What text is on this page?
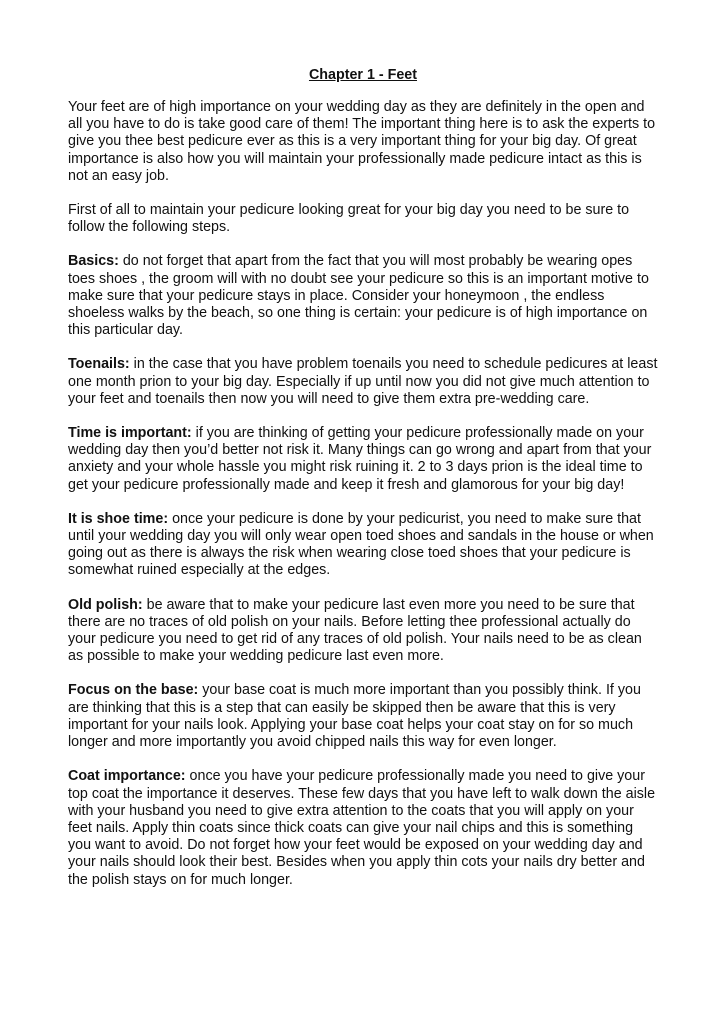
Chapter 1 - Feet

Your feet are of high importance on your wedding day as they are definitely in the open and all you have to do is take good care of them! The important thing here is to ask the experts to give you thee best pedicure ever as this is a very important thing for your big day. Of great importance is also how you will maintain your professionally made pedicure intact as this is not an easy job.

First of all to maintain your pedicure looking great for your big day you need to be sure to follow the following steps.

Basics: do not forget that apart from the fact that you will most probably be wearing opes toes shoes , the groom will with no doubt see your pedicure so this is an important motive to make sure that your pedicure stays in place. Consider your honeymoon , the endless shoeless walks by the beach, so one thing is certain: your pedicure is of high importance on this particular day.

Toenails: in the case that you have problem toenails you need to schedule pedicures at least one month prion to your big day. Especially if up until now you did not give much attention to your feet and toenails then now you will need to give them extra pre-wedding care.

Time is important: if you are thinking of getting your pedicure professionally made on your wedding day then you’d better not risk it. Many things can go wrong and apart from that your anxiety and your whole hassle you might risk ruining it. 2 to 3 days prion is the ideal time to get your pedicure professionally made and keep it fresh and glamorous for your big day!

It is shoe time: once your pedicure is done by your pedicurist, you need to make sure that until your wedding day you will only wear open toed shoes and sandals in the house or when going out as there is always the risk when wearing close toed shoes that your pedicure is somewhat ruined especially at the edges.

Old polish: be aware that to make your pedicure last even more you need to be sure that there are no traces of old polish on your nails. Before letting thee professional actually do your pedicure you need to get rid of any traces of old polish. Your nails need to be as clean as possible to make your wedding pedicure last even more.

Focus on the base: your base coat is much more important than you possibly think. If you are thinking that this is a step that can easily be skipped then be aware that this is very important for your nails look. Applying your base coat helps your coat stay on for so much longer and more importantly you avoid chipped nails this way for even longer.

Coat importance: once you have your pedicure professionally made you need to give your top coat the importance it deserves. These few days that you have left to walk down the aisle with your husband you need to give extra attention to the coats that you will apply on your feet nails. Apply thin coats since thick coats can give your nail chips and this is something you want to avoid. Do not forget how your feet would be exposed on your wedding day and your nails should look their best. Besides when you apply thin cots your nails dry better and the polish stays on for much longer.
